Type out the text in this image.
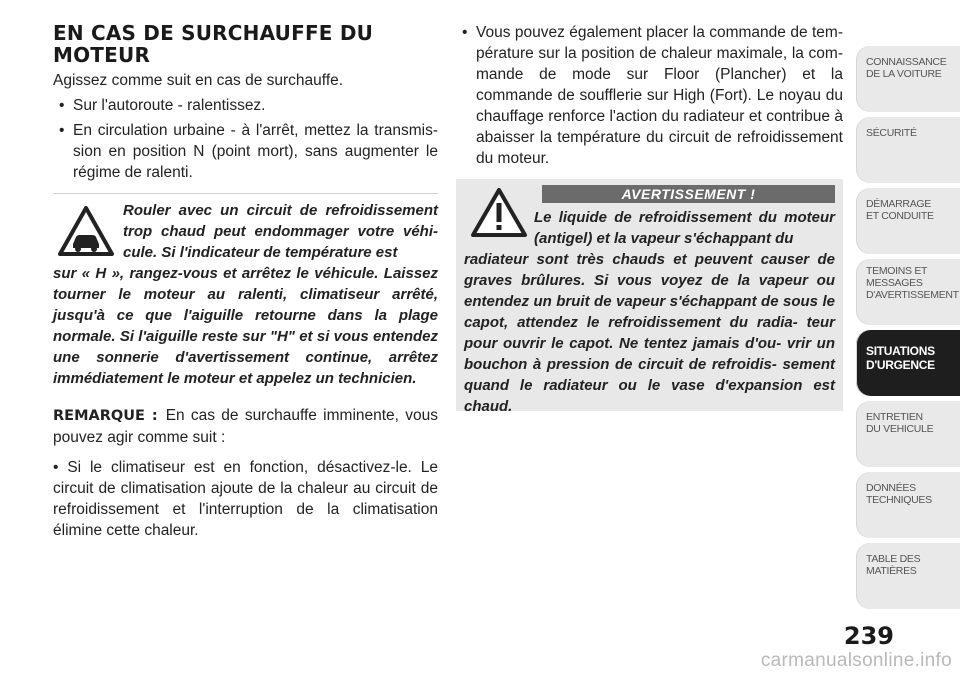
EN CAS DE SURCHAUFFE DU
MOTEUR

Agissez comme suit en cas de surchauffe.

• Sur l'autoroute - ralentissez.

• En circulation urbaine - à l'arrêt, mettez la transmis- sion en position N (point mort), sans augmenter le régime de ralenti.

Rouler avec un circuit de refroidissement trop chaud peut endommager votre véhi- cule. Si l'indicateur de température est
sur « H », rangez-vous et arrêtez le véhicule. Laissez tourner le moteur au ralenti, climatiseur arrêté, jusqu'à ce que l'aiguille retourne dans la plage normale. Si l'aiguille reste sur "H" et si vous entendez une sonnerie d'avertissement continue, arrêtez immédiatement le moteur et appelez un technicien.

REMARQUE : En cas de surchauffe imminente, vous pouvez agir comme suit :

• Si le climatiseur est en fonction, désactivez-le. Le circuit de climatisation ajoute de la chaleur au circuit de refroidissement et l'interruption de la climatisation élimine cette chaleur.

• Vous pouvez également placer la commande de tem- pérature sur la position de chaleur maximale, la com- mande de mode sur Floor (Plancher) et la commande de soufflerie sur High (Fort). Le noyau du chauffage renforce l'action du radiateur et contribue à abaisser la température du circuit de refroidissement du moteur.

AVERTISSEMENT !
Le liquide de refroidissement du moteur (antigel) et la vapeur s'échappant du
radiateur sont très chauds et peuvent causer de graves brûlures. Si vous voyez de la vapeur ou entendez un bruit de vapeur s'échappant de sous le capot, attendez le refroidissement du radia- teur pour ouvrir le capot. Ne tentez jamais d'ou- vrir un bouchon à pression de circuit de refroidis- sement quand le radiateur ou le vase d'expansion est chaud.
CONNAISSANCE
DE LA VOITURE
SÉCURITÉ
DÉMARRAGE
ET CONDUITE
TEMOINS ET
MESSAGES
D'AVERTISSEMENT
SITUATIONS
D'URGENCE
ENTRETIEN
DU VEHICULE
DONNÉES
TECHNIQUES
TABLE DES
MATIÈRES
239
carmanualsonline.info
